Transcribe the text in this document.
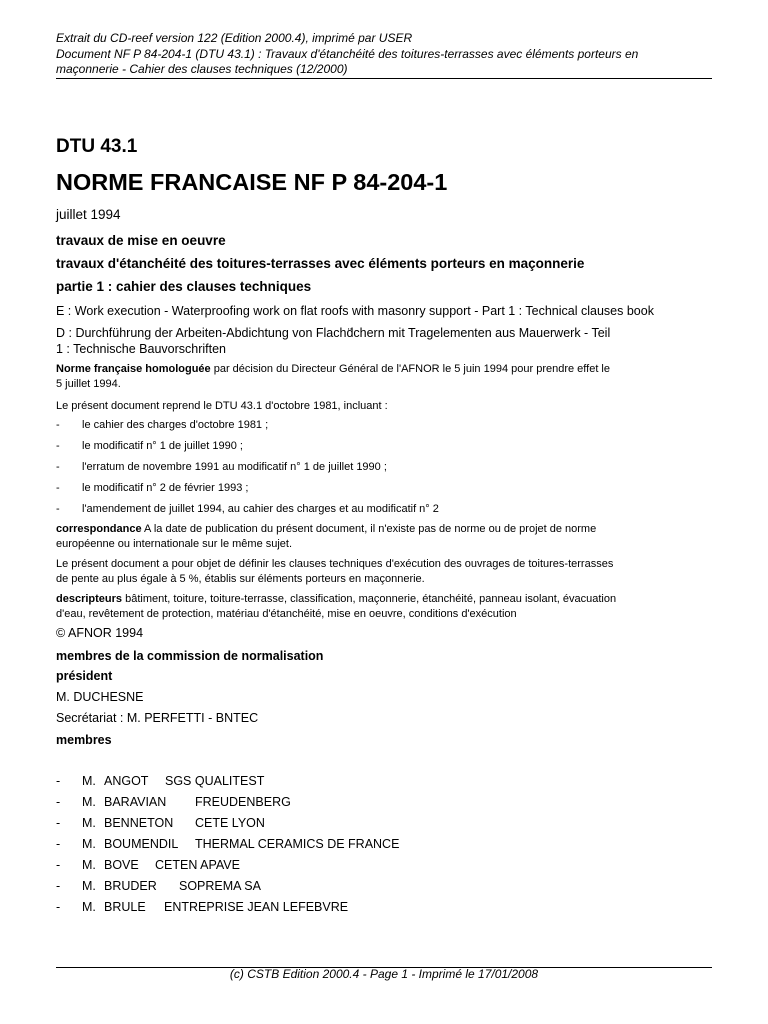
Extrait du CD-reef version 122 (Edition 2000.4), imprimé par USER
Document NF P 84-204-1 (DTU 43.1) : Travaux d'étanchéité des toitures-terrasses avec éléments porteurs en
maçonnerie - Cahier des clauses techniques (12/2000)
DTU 43.1
NORME FRANCAISE NF P 84-204-1
juillet 1994
travaux de mise en oeuvre
travaux d'étanchéité des toitures-terrasses avec éléments porteurs en maçonnerie
partie 1 : cahier des clauses techniques
E : Work execution - Waterproofing work on flat roofs with masonry support - Part 1 : Technical clauses book
D : Durchführung der Arbeiten-Abdichtung von Flachd̈chern mit Tragelementen aus Mauerwerk - Teil
1 : Technische Bauvorschriften
Norme française homologuée par décision du Directeur Général de l'AFNOR le 5 juin 1994 pour prendre effet le
5 juillet 1994.
Le présent document reprend le DTU 43.1 d'octobre 1981, incluant :
- le cahier des charges d'octobre 1981 ;
- le modificatif n° 1 de juillet 1990 ;
- l'erratum de novembre 1991 au modificatif n° 1 de juillet 1990 ;
- le modificatif n° 2 de février 1993 ;
- l'amendement de juillet 1994, au cahier des charges et au modificatif n° 2
correspondance A la date de publication du présent document, il n'existe pas de norme ou de projet de norme
européenne ou internationale sur le même sujet.
Le présent document a pour objet de définir les clauses techniques d'exécution des ouvrages de toitures-terrasses
de pente au plus égale à 5 %, établis sur éléments porteurs en maçonnerie.
descripteurs bâtiment, toiture, toiture-terrasse, classification, maçonnerie, étanchéité, panneau isolant, évacuation
d'eau, revêtement de protection, matériau d'étanchéité, mise en oeuvre, conditions d'exécution
© AFNOR 1994
membres de la commission de normalisation
président
M. DUCHESNE
Secrétariat : M. PERFETTI - BNTEC
membres
- M. ANGOT SGS QUALITEST
- M. BARAVIAN FREUDENBERG
- M. BENNETON CETE LYON
- M. BOUMENDIL THERMAL CERAMICS DE FRANCE
- M. BOVE CETEN APAVE
- M. BRUDER SOPREMA SA
- M. BRULE ENTREPRISE JEAN LEFEBVRE
(c) CSTB Edition 2000.4 - Page 1 - Imprimé le 17/01/2008
